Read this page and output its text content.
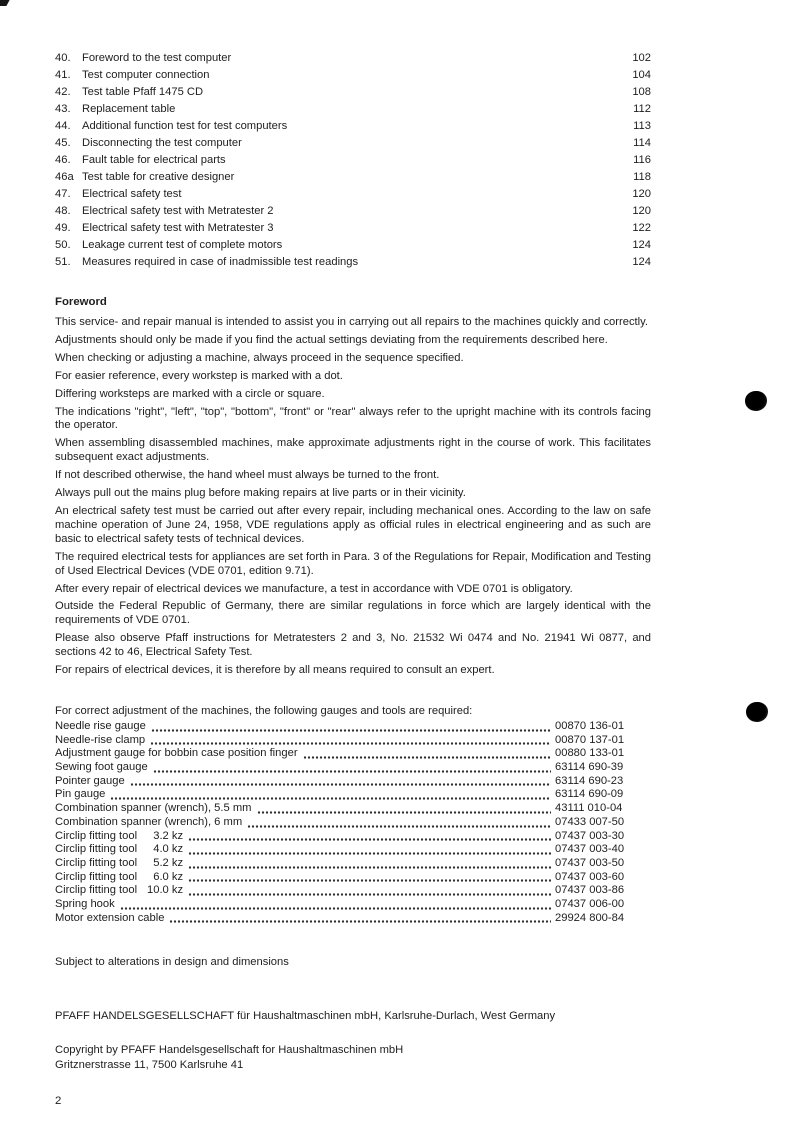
40.	Foreword to the test computer	102
41.	Test computer connection	104
42.	Test table Pfaff 1475 CD	108
43.	Replacement table	112
44.	Additional function test for test computers	113
45.	Disconnecting the test computer	114
46.	Fault table for electrical parts	116
46a Test table for creative designer	118
47.	Electrical safety test	120
48.	Electrical safety test with Metratester 2	120
49.	Electrical safety test with Metratester 3	122
50.	Leakage current test of complete motors	124
51.	Measures required in case of inadmissible test readings	124
Foreword

This service- and repair manual is intended to assist you in carrying out all repairs to the machines quickly and correctly.

Adjustments should only be made if you find the actual settings deviating from the requirements described here.

When checking or adjusting a machine, always proceed in the sequence specified.

For easier reference, every workstep is marked with a dot.

Differing worksteps are marked with a circle or square.

The indications "right", "left", "top", "bottom", "front" or "rear" always refer to the upright machine with its controls facing the operator.

When assembling disassembled machines, make approximate adjustments right in the course of work. This facilitates subsequent exact adjustments.

If not described otherwise, the hand wheel must always be turned to the front.

Always pull out the mains plug before making repairs at live parts or in their vicinity.

An electrical safety test must be carried out after every repair, including mechanical ones. According to the law on safe machine operation of June 24, 1958, VDE regulations apply as official rules in electrical engineering and as such are basic to electrical safety tests of technical devices.

The required electrical tests for appliances are set forth in Para. 3 of the Regulations for Repair, Modification and Testing of Used Electrical Devices (VDE 0701, edition 9.71).

After every repair of electrical devices we manufacture, a test in accordance with VDE 0701 is obligatory.

Outside the Federal Republic of Germany, there are similar regulations in force which are largely identical with the requirements of VDE 0701.

Please also observe Pfaff instructions for Metratesters 2 and 3, No. 21532 Wi 0474 and No. 21941 Wi 0877, and sections 42 to 46, Electrical Safety Test.

For repairs of electrical devices, it is therefore by all means required to consult an expert.

For correct adjustment of the machines, the following gauges and tools are required:

Needle rise gauge	00870 136-01
Needle-rise clamp	00870 137-01
Adjustment gauge for bobbin case position finger	00880 133-01
Sewing foot gauge	63114 690-39
Pointer gauge	63114 690-23
Pin gauge	63114 690-09
Combination spanner (wrench), 5.5 mm	43111 010-04
Combination spanner (wrench), 6 mm	07433 007-50
Circlip fitting tool	3.2 kz	07437 003-30
Circlip fitting tool	4.0 kz	07437 003-40
Circlip fitting tool	5.2 kz	07437 003-50
Circlip fitting tool	6.0 kz	07437 003-60
Circlip fitting tool 10.0 kz	07437 003-86
Spring hook	07437 006-00
Motor extension cable	29924 800-84

Subject to alterations in design and dimensions

PFAFF HANDELSGESELLSCHAFT für Haushaltmaschinen mbH, Karlsruhe-Durlach, West Germany

Copyright by PFAFF Handelsgesellschaft for Haushaltmaschinen mbH

Gritznerstrasse 11, 7500 Karlsruhe 41

2
